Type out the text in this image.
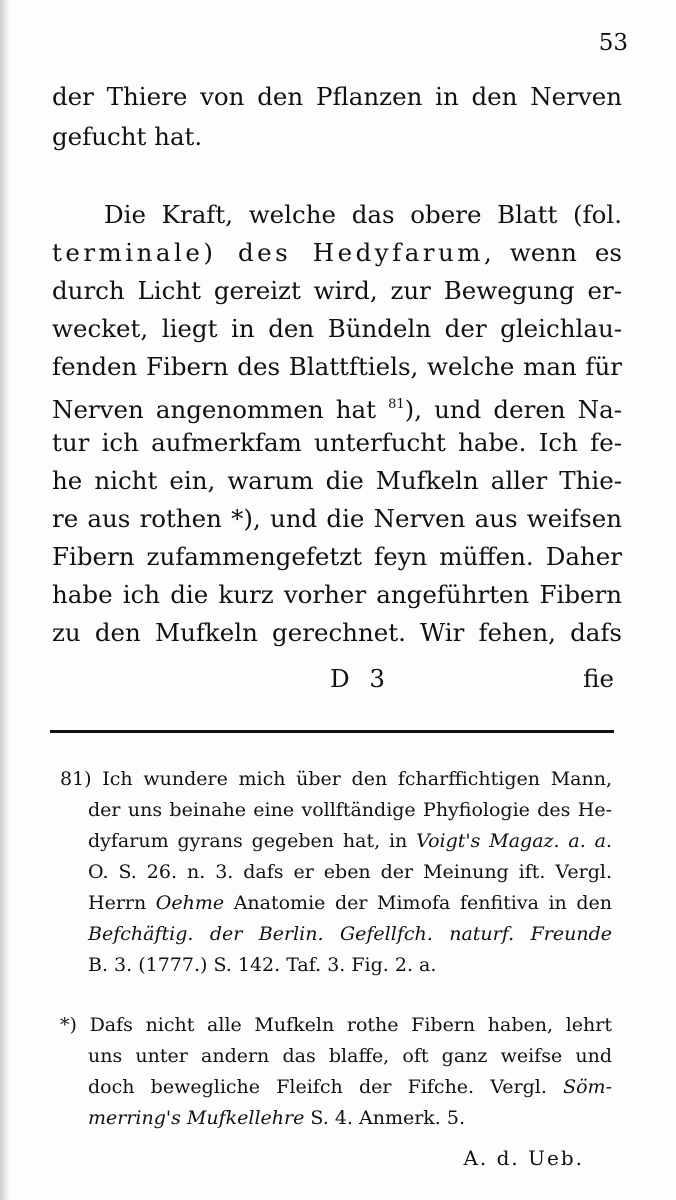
53
der Thiere von den Pflanzen in den Nerven
gefucht hat.
Die Kraft, welche das obere Blatt (fol.
terminale) des Hedyfarum, wenn es
durch Licht gereizt wird, zur Bewegung er-
wecket, liegt in den Bündeln der gleichlau-
fenden Fibern des Blattftiels, welche man für
Nerven angenommen hat $^{81}$), und deren Na-
tur ich aufmerkfam unterfucht habe. Ich fe-
he nicht ein, warum die Mufkeln aller Thie-
re aus rothen *), und die Nerven aus weifsen
Fibern zufammengefetzt feyn müffen. Daher
habe ich die kurz vorher angeführten Fibern
zu den Mufkeln gerechnet. Wir fehen, dafs
D 3	fie
81) Ich wundere mich über den fcharffichtigen Mann,
der uns beinahe eine vollftändige Phyfiologie des He-
dyfarum gyrans gegeben hat, in Voigt's Magaz. a. a.
O. S. 26. n. 3. dafs er eben der Meinung ift. Vergl.
Herrn Oehme Anatomie der Mimofa fenfitiva in den
Befchäftig. der Berlin. Gefellfch. naturf. Freunde
B. 3. (1777.) S. 142. Taf. 3. Fig. 2. a.
*) Dafs nicht alle Mufkeln rothe Fibern haben, lehrt
uns unter andern das blaffe, oft ganz weifse und
doch bewegliche Fleifch der Fifche. Vergl. Söm-
merring's Mufkellehre S. 4. Anmerk. 5.
A. d. Ueb.
